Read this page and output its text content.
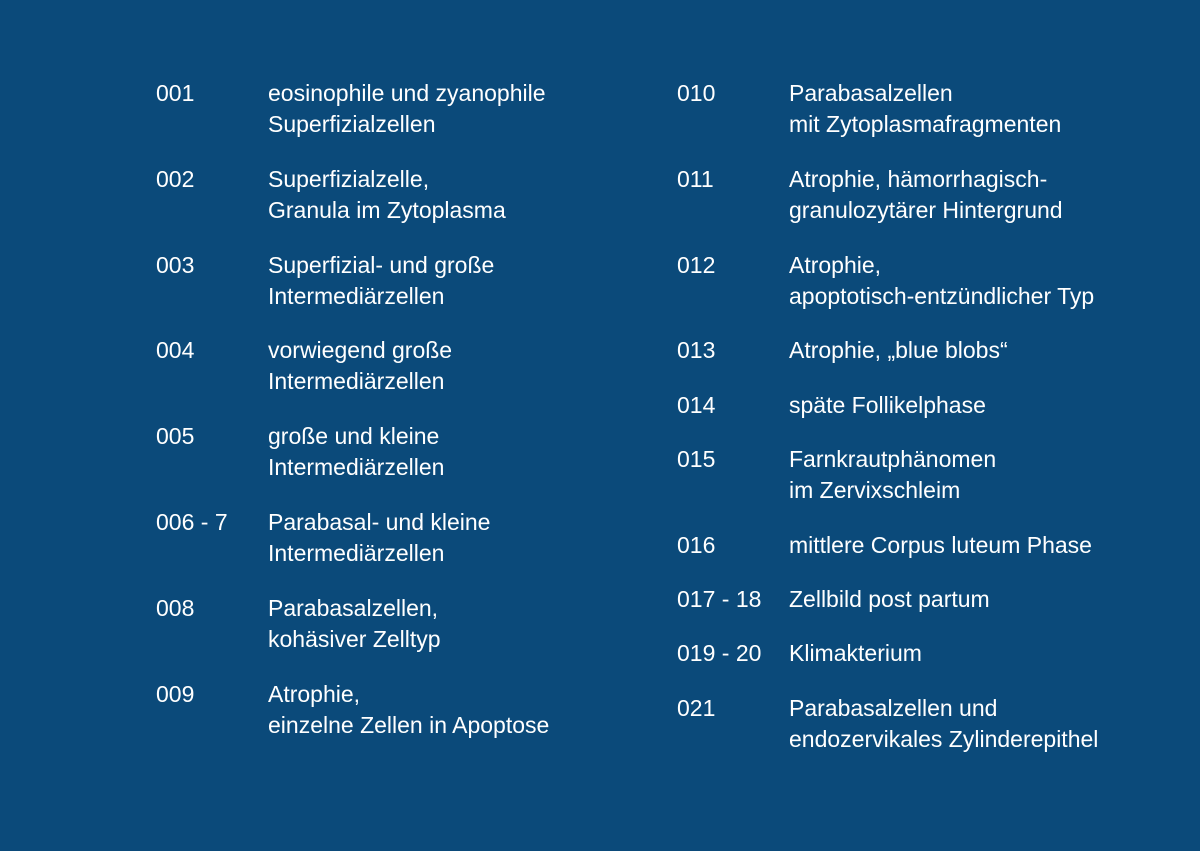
001	eosinophile und zyanophile
Superfizialzellen
002	Superfizialzelle,
Granula im Zytoplasma
003	Superfizial- und große
Intermediärzellen
004	vorwiegend große
Intermediärzellen
005	große und kleine
Intermediärzellen
006 - 7	Parabasal- und kleine
Intermediärzellen
008	Parabasalzellen,
kohäsiver Zelltyp
009	Atrophie,
einzelne Zellen in Apoptose
010	Parabasalzellen
mit Zytoplasmafragmenten
011	Atrophie, hämorrhagisch-
granulozytärer Hintergrund
012	Atrophie,
apoptotisch-entzündlicher Typ
013	Atrophie, „blue blobs“
014	späte Follikelphase
015	Farnkrautphänomen
im Zervixschleim
016	mittlere Corpus luteum Phase
017 - 18	Zellbild post partum
019 - 20	Klimakterium
021	Parabasalzellen und
endozervikales Zylinderepithel
